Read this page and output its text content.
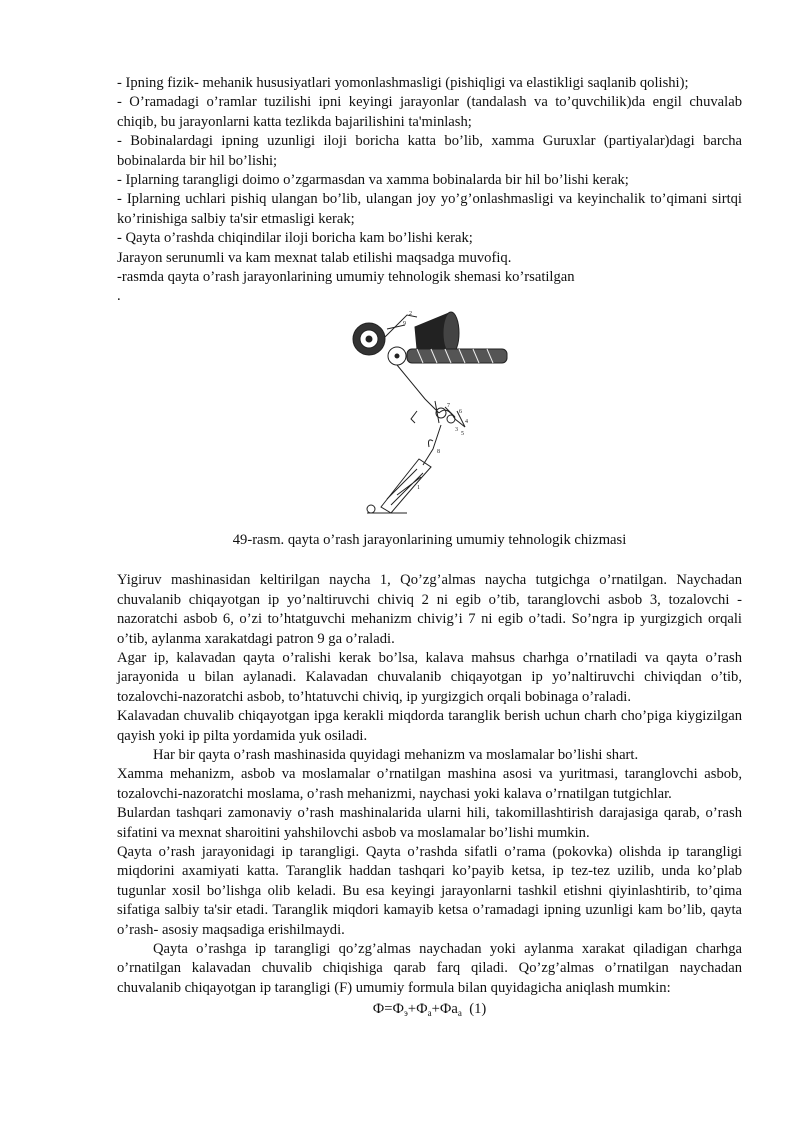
- Ipning fizik- mehanik hususiyatlari yomonlashmasligi (pishiqligi va elastikligi saqlanib qolishi);

- O’ramadagi o’ramlar tuzilishi ipni keyingi jarayonlar (tandalash va to’quvchilik)da engil chuvalab chiqib, bu jarayonlarni katta tezlikda bajarilishini ta'minlash;

- Bobinalardagi ipning uzunligi iloji boricha katta bo’lib, xamma Guruxlar (partiyalar)dagi barcha bobinalarda bir hil bo’lishi;

- Iplarning tarangligi doimo o’zgarmasdan va xamma bobinalarda bir hil bo’lishi kerak;

- Iplarning uchlari pishiq ulangan bo’lib, ulangan joy yo’g’onlashmasligi va keyinchalik to’qimani sirtqi ko’rinishiga salbiy ta'sir etmasligi kerak;

- Qayta o’rashda chiqindilar iloji boricha kam bo’lishi kerak;

Jarayon serunumli va kam mexnat talab etilishi maqsadga muvofiq.

-rasmda qayta o’rash jarayonlarining umumiy tehnologik shemasi ko’rsatilgan

.

2
9
7
6
4
3
5
8
1

49-rasm. qayta o’rash jarayonlarining umumiy tehnologik chizmasi

Yigiruv mashinasidan keltirilgan naycha 1, Qo’zg’almas naycha tutgichga o’rnatilgan. Naychadan chuvalanib chiqayotgan ip yo’naltiruvchi chiviq 2 ni egib o’tib, taranglovchi asbob 3, tozalovchi - nazoratchi asbob 6, o’zi to’htatguvchi mehanizm chivig’i 7 ni egib o’tadi. So’ngra ip yurgizgich orqali o’tib, aylanma xarakatdagi patron 9 ga o’raladi.

Agar ip, kalavadan qayta o’ralishi kerak bo’lsa, kalava mahsus charhga o’rnatiladi va qayta o’rash jarayonida u bilan aylanadi. Kalavadan chuvalanib chiqayotgan ip yo’naltiruvchi chiviqdan o’tib, tozalovchi-nazoratchi asbob, to’htatuvchi chiviq, ip yurgizgich orqali bobinaga o’raladi.

Kalavadan chuvalib chiqayotgan ipga kerakli miqdorda taranglik berish uchun charh cho’piga kiygizilgan qayish yoki ip pilta yordamida yuk osiladi.

Har bir qayta o’rash mashinasida quyidagi mehanizm va moslamalar bo’lishi shart.

Xamma mehanizm, asbob va moslamalar o’rnatilgan mashina asosi va yuritmasi, taranglovchi asbob, tozalovchi-nazoratchi moslama, o’rash mehanizmi, naychasi yoki kalava o’rnatilgan tutgichlar.

Bulardan tashqari zamonaviy o’rash mashinalarida ularni hili, takomillashtirish darajasiga qarab, o’rash sifatini va mexnat sharoitini yahshilovchi asbob va moslamalar bo’lishi mumkin.

Qayta o’rash jarayonidagi ip tarangligi. Qayta o’rashda sifatli o’rama (pokovka) olishda ip tarangligi miqdorini axamiyati katta. Taranglik haddan tashqari ko’payib ketsa, ip tez-tez uzilib, unda ko’plab tugunlar xosil bo’lishga olib keladi. Bu esa keyingi jarayonlarni tashkil etishni qiyinlashtirib, to’qima sifatiga salbiy ta'sir etadi. Taranglik miqdori kamayib ketsa o’ramadagi ipning uzunligi kam bo’lib, qayta o’rash- asosiy maqsadiga erishilmaydi.

Qayta o’rashga ip tarangligi qo’zg’almas naychadan yoki aylanma xarakat qiladigan charhga o’rnatilgan kalavadan chuvalib chiqishiga qarab farq qiladi. Qo’zg’almas o’rnatilgan naychadan chuvalanib chiqayotgan ip tarangligi (F) umumiy formula bilan quyidagicha aniqlash mumkin:

$Ф=Ф_э+Ф_а+Фа_а$  (1)
